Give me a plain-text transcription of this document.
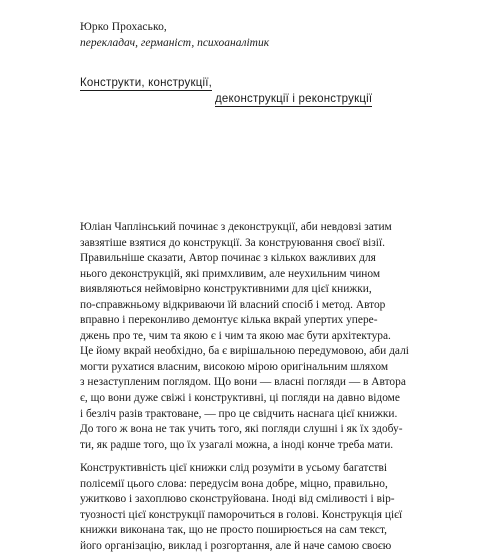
Юрко Прохасько,
перекладач, германіст, психоаналітик
Конструкти, конструкції,
деконструкції і реконструкції

Юліан Чаплінський починає з деконструкції, аби невдовзі затим
завзятіше взятися до конструкції. За конструювання своєї візії.
Правильніше сказати, Автор починає з кількох важливих для
нього деконструкцій, які примхливим, але неухильним чином
виявляються неймовірно конструктивними для цієї книжки,
по-справжньому відкриваючи їй власний спосіб і метод. Автор
вправно і переконливо демонтує кілька вкрай упертих упере-
джень про те, чим та якою є і чим та якою має бути архітектура.
Це йому вкрай необхідно, ба є вирішальною передумовою, аби далі
могти рухатися власним, високою мірою оригінальним шляхом
з незаступленим поглядом. Що вони — власні погляди — в Автора
є, що вони дуже свіжі і конструктивні, ці погляди на давно відоме
і безліч разів трактоване, — про це свідчить наснага цієї книжки.
До того ж вона не так учить того, які погляди слушні і як їх здобу-
ти, як радше того, що їх узагалі можна, а іноді конче треба мати.

Конструктивність цієї книжки слід розуміти в усьому багатстві
полісемії цього слова: передусім вона добре, міцно, правильно,
ужитково і захоплюво сконструйована. Іноді від сміливості і вір-
туозності цієї конструкції паморочиться в голові. Конструкція цієї
книжки виконана так, що не просто поширюється на сам текст,
його організацію, виклад і розгортання, але й наче самою своєю
